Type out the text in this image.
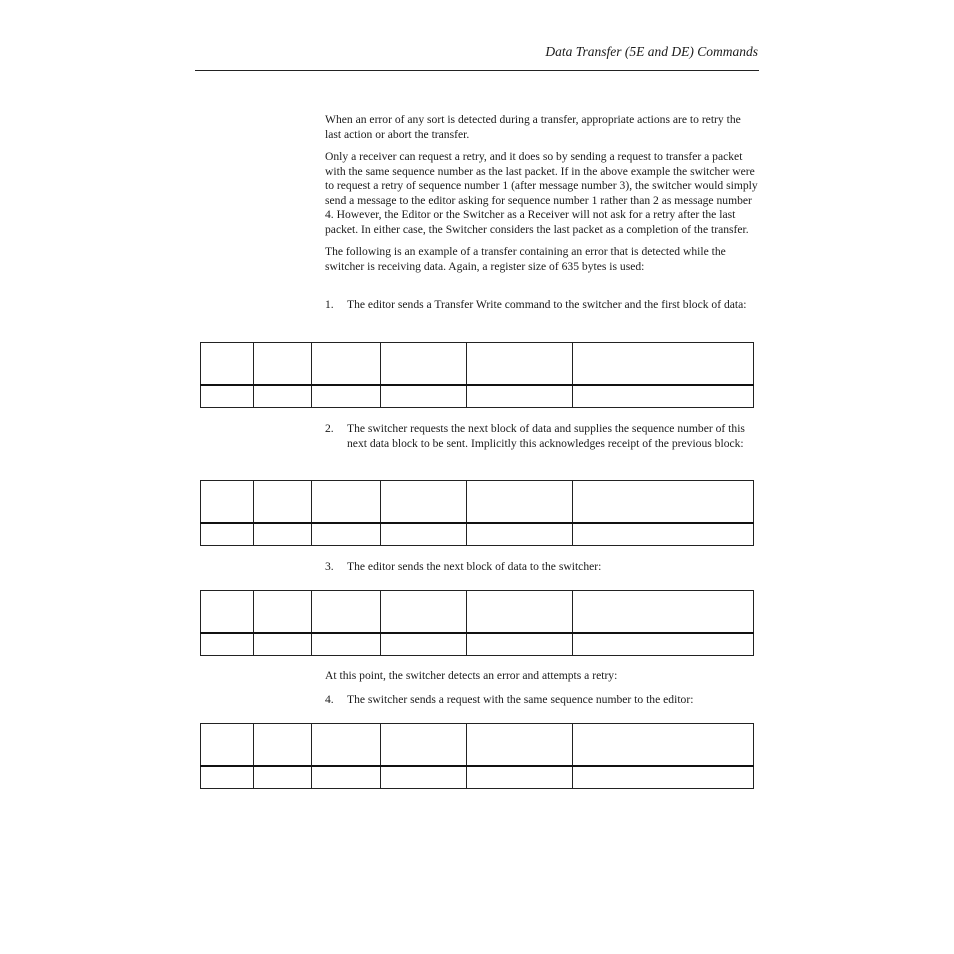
Data Transfer (5E and DE) Commands

When an error of any sort is detected during a transfer, appropriate actions are to retry the last action or abort the transfer.

Only a receiver can request a retry, and it does so by sending a request to transfer a packet with the same sequence number as the last packet. If in the above example the switcher were to request a retry of sequence number 1 (after message number 3), the switcher would simply send a message to the editor asking for sequence number 1 rather than 2 as message number 4. However, the Editor or the Switcher as a Receiver will not ask for a retry after the last packet. In either case, the Switcher considers the last packet as a completion of the transfer.

The following is an example of a transfer containing an error that is detected while the switcher is receiving data. Again, a register size of 635 bytes is used:

1. The editor sends a Transfer Write command to the switcher and the first block of data:

2. The switcher requests the next block of data and supplies the sequence number of this next data block to be sent. Implicitly this acknowledges receipt of the previous block:

3. The editor sends the next block of data to the switcher:

At this point, the switcher detects an error and attempts a retry:

4. The switcher sends a request with the same sequence number to the editor:
